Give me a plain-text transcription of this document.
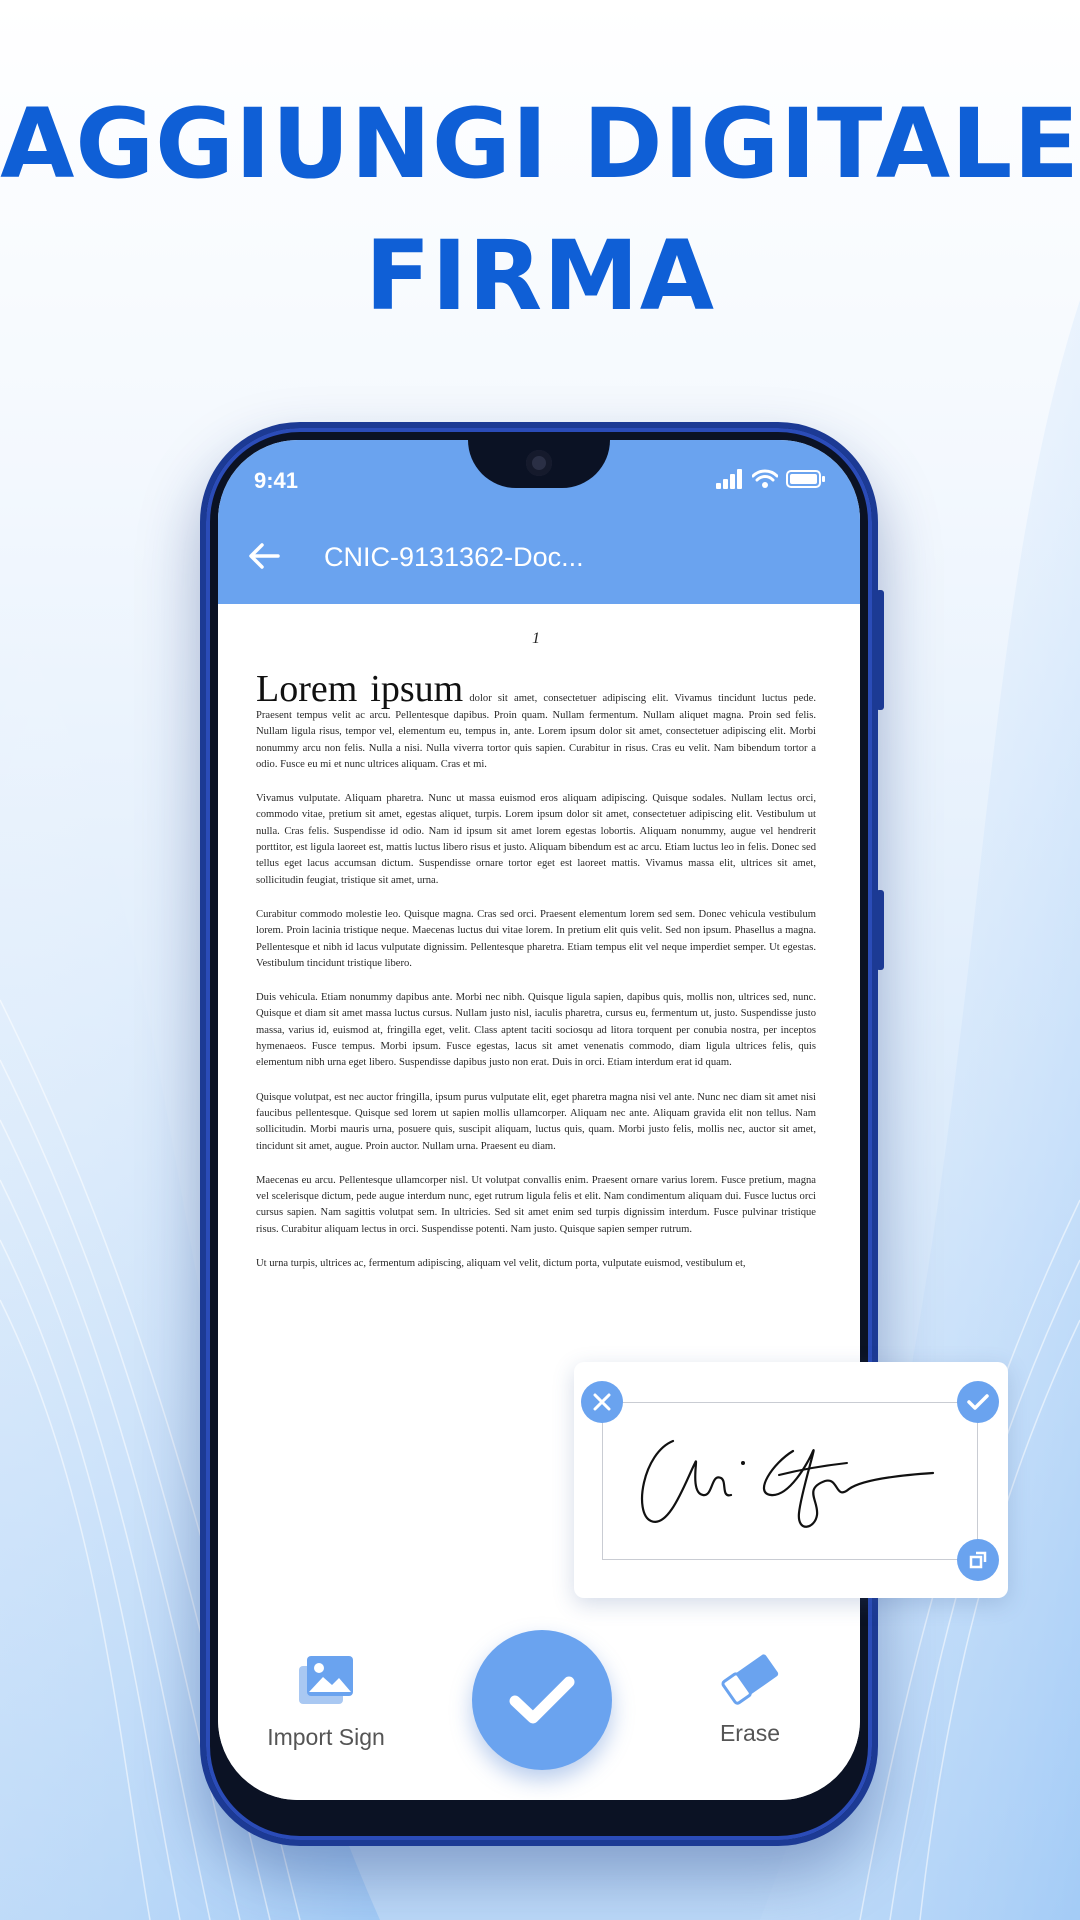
AGGIUNGI DIGITALE
FIRMA
9:41
CNIC-9131362-Doc...
1

Lorem ipsum dolor sit amet, consectetuer adipiscing elit. Vivamus tincidunt luctus pede. Praesent tempus velit ac arcu. Pellentesque dapibus. Proin quam. Nullam fermentum. Nullam aliquet magna. Proin sed felis. Nullam ligula risus, tempor vel, elementum eu, tempus in, ante. Lorem ipsum dolor sit amet, consectetuer adipiscing elit. Morbi nonummy arcu non felis. Nulla a nisi. Nulla viverra tortor quis sapien. Curabitur in risus. Cras eu velit. Nam bibendum tortor a odio. Fusce eu mi et nunc ultrices aliquam. Cras et mi.

Vivamus vulputate. Aliquam pharetra. Nunc ut massa euismod eros aliquam adipiscing. Quisque sodales. Nullam lectus orci, commodo vitae, pretium sit amet, egestas aliquet, turpis. Lorem ipsum dolor sit amet, consectetuer adipiscing elit. Vestibulum ut nulla. Cras felis. Suspendisse id odio. Nam id ipsum sit amet lorem egestas lobortis. Aliquam nonummy, augue vel hendrerit porttitor, est ligula laoreet est, mattis luctus libero risus et justo. Aliquam bibendum est ac arcu. Etiam luctus leo in felis. Donec sed tellus eget lacus accumsan dictum. Suspendisse ornare tortor eget est laoreet mattis. Vivamus massa elit, ultrices sit amet, sollicitudin feugiat, tristique sit amet, urna.

Curabitur commodo molestie leo. Quisque magna. Cras sed orci. Praesent elementum lorem sed sem. Donec vehicula vestibulum lorem. Proin lacinia tristique neque. Maecenas luctus dui vitae lorem. In pretium elit quis velit. Sed non ipsum. Phasellus a magna. Pellentesque et nibh id lacus vulputate dignissim. Pellentesque pharetra. Etiam tempus elit vel neque imperdiet semper. Ut egestas. Vestibulum tincidunt tristique libero.

Duis vehicula. Etiam nonummy dapibus ante. Morbi nec nibh. Quisque ligula sapien, dapibus quis, mollis non, ultrices sed, nunc. Quisque et diam sit amet massa luctus cursus. Nullam justo nisl, iaculis pharetra, cursus eu, fermentum ut, justo. Suspendisse justo massa, varius id, euismod at, fringilla eget, velit. Class aptent taciti sociosqu ad litora torquent per conubia nostra, per inceptos hymenaeos. Fusce tempus. Morbi ipsum. Fusce egestas, lacus sit amet venenatis commodo, diam ligula ultrices felis, quis elementum nibh urna eget libero. Suspendisse dapibus justo non erat. Duis in orci. Etiam interdum erat id quam.

Quisque volutpat, est nec auctor fringilla, ipsum purus vulputate elit, eget pharetra magna nisi vel ante. Nunc nec diam sit amet nisi faucibus pellentesque. Quisque sed lorem ut sapien mollis ullamcorper. Aliquam nec ante. Aliquam gravida elit non tellus. Nam sollicitudin. Morbi mauris urna, posuere quis, suscipit aliquam, luctus quis, quam. Morbi justo felis, mollis nec, auctor sit amet, tincidunt sit amet, augue. Proin auctor. Nullam urna. Praesent eu diam.

Maecenas eu arcu. Pellentesque ullamcorper nisl. Ut volutpat convallis enim. Praesent ornare varius lorem. Fusce pretium, magna vel scelerisque dictum, pede augue interdum nunc, eget rutrum ligula felis et elit. Nam condimentum aliquam dui. Fusce luctus orci cursus sapien. Nam sagittis volutpat sem. In ultricies. Sed sit amet enim sed turpis dignissim interdum. Fusce pulvinar tristique risus. Curabitur aliquam lectus in orci. Suspendisse potenti. Nam justo. Quisque sapien semper rutrum.

Ut urna turpis, ultrices ac, fermentum adipiscing, aliquam vel velit, dictum porta, vulputate euismod, vestibulum et,

Import Sign	Erase
